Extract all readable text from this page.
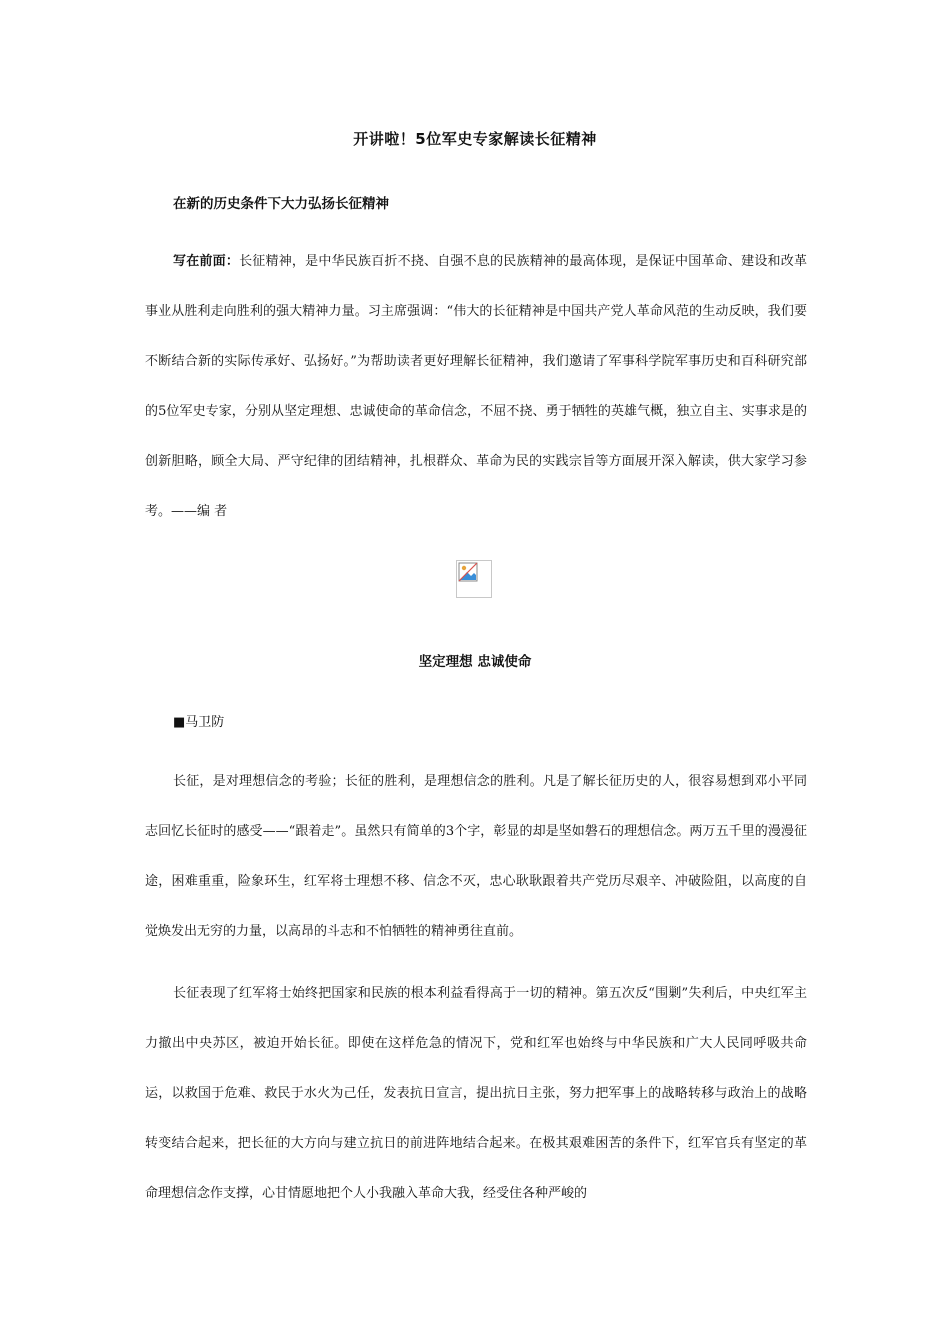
开讲啦！5位军史专家解读长征精神
在新的历史条件下大力弘扬长征精神

写在前面：长征精神，是中华民族百折不挠、自强不息的民族精神的最高体现，是保证中国革命、建设和改革事业从胜利走向胜利的强大精神力量。习主席强调：“伟大的长征精神是中国共产党人革命风范的生动反映，我们要不断结合新的实际传承好、弘扬好。”为帮助读者更好理解长征精神，我们邀请了军事科学院军事历史和百科研究部的5位军史专家，分别从坚定理想、忠诚使命的革命信念，不屈不挠、勇于牺牲的英雄气概，独立自主、实事求是的创新胆略，顾全大局、严守纪律的团结精神，扎根群众、革命为民的实践宗旨等方面展开深入解读，供大家学习参考。——编 者

坚定理想 忠诚使命
■马卫防

长征，是对理想信念的考验；长征的胜利，是理想信念的胜利。凡是了解长征历史的人，很容易想到邓小平同志回忆长征时的感受——“跟着走”。虽然只有简单的3个字，彰显的却是坚如磐石的理想信念。两万五千里的漫漫征途，困难重重，险象环生，红军将士理想不移、信念不灭，忠心耿耿跟着共产党历尽艰辛、冲破险阻，以高度的自觉焕发出无穷的力量，以高昂的斗志和不怕牺牲的精神勇往直前。

长征表现了红军将士始终把国家和民族的根本利益看得高于一切的精神。第五次反“围剿”失利后，中央红军主力撤出中央苏区，被迫开始长征。即使在这样危急的情况下，党和红军也始终与中华民族和广大人民同呼吸共命运，以救国于危难、救民于水火为己任，发表抗日宣言，提出抗日主张，努力把军事上的战略转移与政治上的战略转变结合起来，把长征的大方向与建立抗日的前进阵地结合起来。在极其艰难困苦的条件下，红军官兵有坚定的革命理想信念作支撑，心甘情愿地把个人小我融入革命大我，经受住各种严峻的
